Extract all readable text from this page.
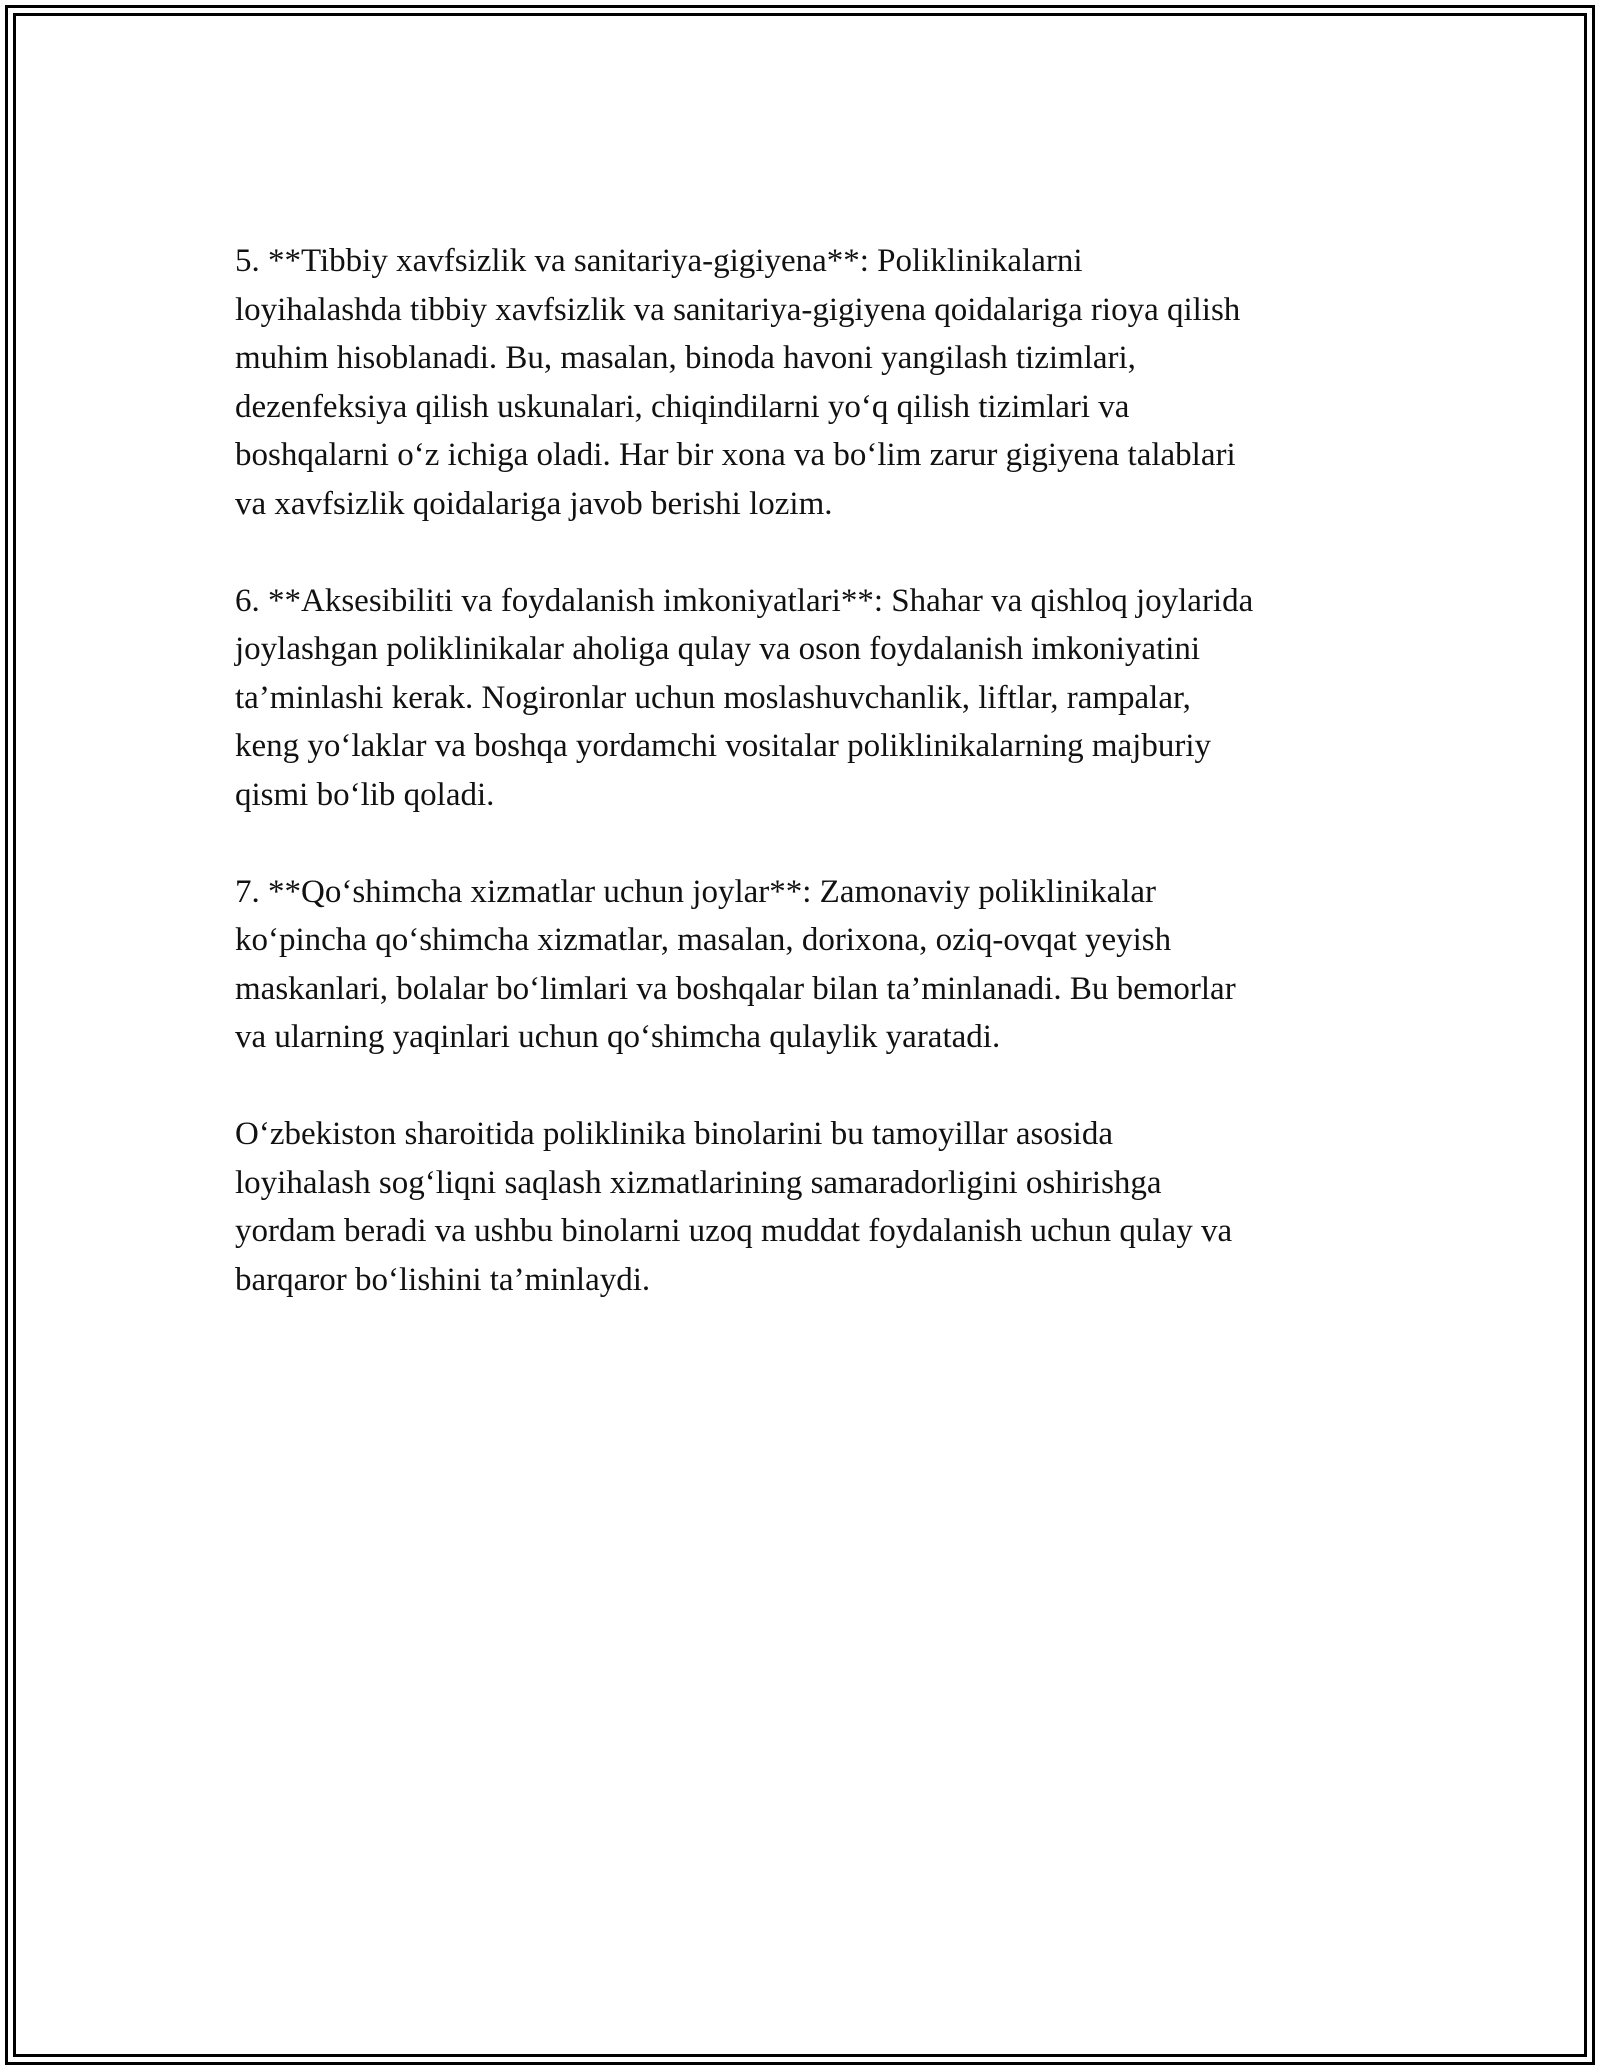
5. **Tibbiy xavfsizlik va sanitariya-gigiyena**: Poliklinikalarni
loyihalashda tibbiy xavfsizlik va sanitariya-gigiyena qoidalariga rioya qilish
muhim hisoblanadi. Bu, masalan, binoda havoni yangilash tizimlari,
dezenfeksiya qilish uskunalari, chiqindilarni yo‘q qilish tizimlari va
boshqalarni o‘z ichiga oladi. Har bir xona va bo‘lim zarur gigiyena talablari
va xavfsizlik qoidalariga javob berishi lozim.
6. **Aksesibiliti va foydalanish imkoniyatlari**: Shahar va qishloq joylarida
joylashgan poliklinikalar aholiga qulay va oson foydalanish imkoniyatini
ta’minlashi kerak. Nogironlar uchun moslashuvchanlik, liftlar, rampalar,
keng yo‘laklar va boshqa yordamchi vositalar poliklinikalarning majburiy
qismi bo‘lib qoladi.
7. **Qo‘shimcha xizmatlar uchun joylar**: Zamonaviy poliklinikalar
ko‘pincha qo‘shimcha xizmatlar, masalan, dorixona, oziq-ovqat yeyish
maskanlari, bolalar bo‘limlari va boshqalar bilan ta’minlanadi. Bu bemorlar
va ularning yaqinlari uchun qo‘shimcha qulaylik yaratadi.
O‘zbekiston sharoitida poliklinika binolarini bu tamoyillar asosida
loyihalash sog‘liqni saqlash xizmatlarining samaradorligini oshirishga
yordam beradi va ushbu binolarni uzoq muddat foydalanish uchun qulay va
barqaror bo‘lishini ta’minlaydi.
